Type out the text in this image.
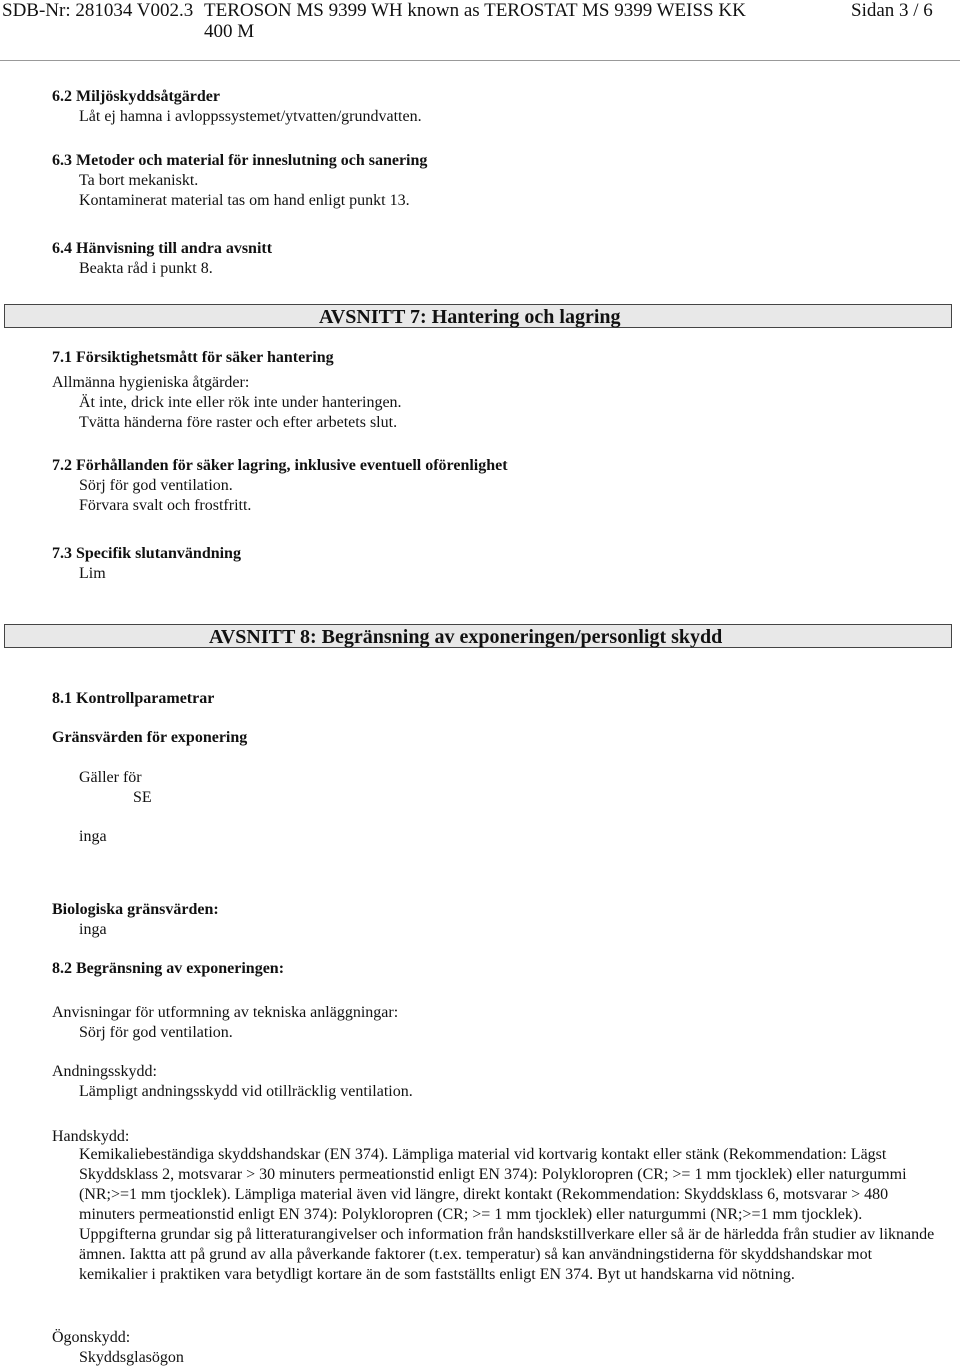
SDB-Nr: 281034 V002.3 TEROSON MS 9399 WH known as TEROSTAT MS 9399 WEISS KK
400 M
Sidan 3 / 6
6.2 Miljöskyddsåtgärder
Låt ej hamna i avloppssystemet/ytvatten/grundvatten.
6.3 Metoder och material för inneslutning och sanering
Ta bort mekaniskt.
Kontaminerat material tas om hand enligt punkt 13.
6.4 Hänvisning till andra avsnitt
Beakta råd i punkt 8.
AVSNITT 7: Hantering och lagring
7.1 Försiktighetsmått för säker hantering
Allmänna hygieniska åtgärder:
Ät inte, drick inte eller rök inte under hanteringen.
Tvätta händerna före raster och efter arbetets slut.
7.2 Förhållanden för säker lagring, inklusive eventuell oförenlighet
Sörj för god ventilation.
Förvara svalt och frostfritt.
7.3 Specifik slutanvändning
Lim
AVSNITT 8: Begränsning av exponeringen/personligt skydd
8.1 Kontrollparametrar
Gränsvärden för exponering
Gäller för
SE
inga
Biologiska gränsvärden:
inga
8.2 Begränsning av exponeringen:
Anvisningar för utformning av tekniska anläggningar:
Sörj för god ventilation.
Andningsskydd:
Lämpligt andningsskydd vid otillräcklig ventilation.
Handskydd:
Kemikaliebeständiga skyddshandskar (EN 374). Lämpliga material vid kortvarig kontakt eller stänk (Rekommendation: Lägst Skyddsklass 2, motsvarar > 30 minuters permeationstid enligt EN 374): Polykloropren (CR; >= 1 mm tjocklek) eller naturgummi (NR;>=1 mm tjocklek). Lämpliga material även vid längre, direkt kontakt (Rekommendation: Skyddsklass 6, motsvarar > 480 minuters permeationstid enligt EN 374): Polykloropren (CR; >= 1 mm tjocklek) eller naturgummi (NR;>=1 mm tjocklek). Uppgifterna grundar sig på litteraturangivelser och information från handskstillverkare eller så är de härledda från studier av liknande ämnen. Iaktta att på grund av alla påverkande faktorer (t.ex. temperatur) så kan användningstiderna för skyddshandskar mot kemikalier i praktiken vara betydligt kortare än de som fastställts enligt EN 374. Byt ut handskarna vid nötning.
Ögonskydd:
Skyddsglasögon
